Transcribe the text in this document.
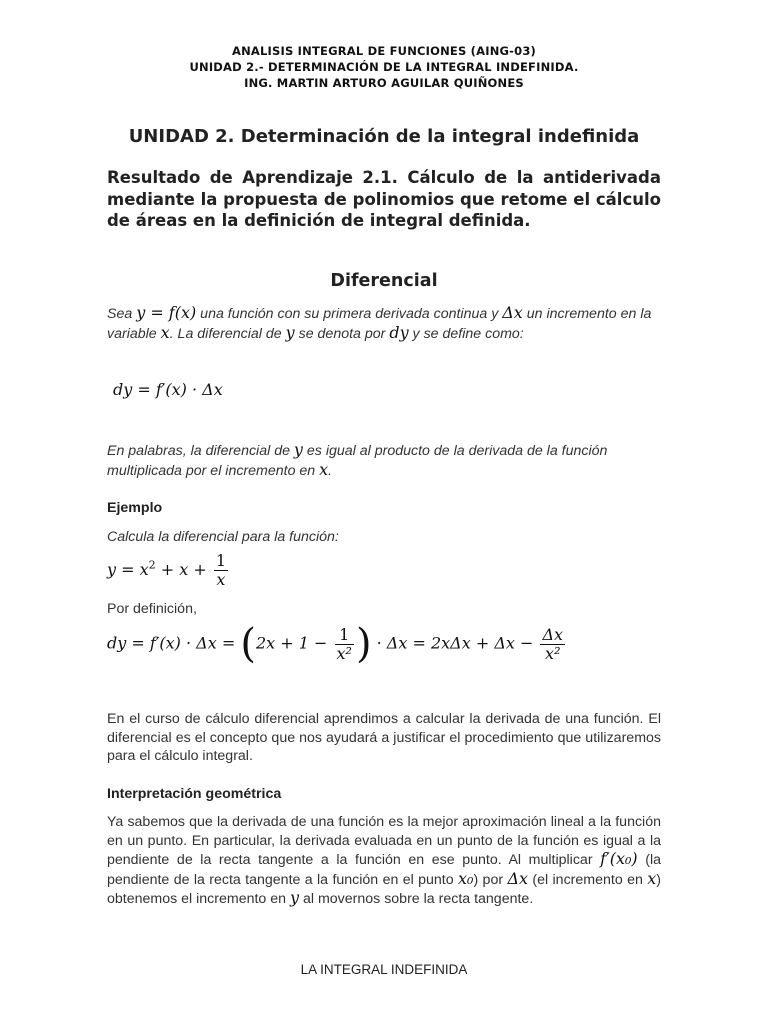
ANALISIS INTEGRAL DE FUNCIONES (AING-03)
UNIDAD 2.- DETERMINACIÓN DE LA INTEGRAL INDEFINIDA.
ING. MARTIN ARTURO AGUILAR QUIÑONES
UNIDAD 2. Determinación de la integral indefinida
Resultado de Aprendizaje 2.1. Cálculo de la antiderivada mediante la propuesta de polinomios que retome el cálculo de áreas en la definición de integral definida.
Diferencial
Sea y = f(x) una función con su primera derivada continua y Δx un incremento en la variable x. La diferencial de y se denota por dy y se define como:
dy = f′(x) · Δx
En palabras, la diferencial de y es igual al producto de la derivada de la función multiplicada por el incremento en x.
Ejemplo
Calcula la diferencial para la función:
$y = x^2 + x + \frac{1}{x}$
Por definición,
dy = $f'(x) \cdot \Delta x = (2x + 1 - \frac{1}{\text{x²}}$ ) · $\Delta x = 2x\Delta x + \Delta x - \frac{\Delta x}{\text{x²}}$
En el curso de cálculo diferencial aprendimos a calcular la derivada de una función. El diferencial es el concepto que nos ayudará a justificar el procedimiento que utilizaremos para el cálculo integral.
Interpretación geométrica
Ya sabemos que la derivada de una función es la mejor aproximación lineal a la función en un punto. En particular, la derivada evaluada en un punto de la función es igual a la pendiente de la recta tangente a la función en ese punto. Al multiplicar f′(x₀) (la pendiente de la recta tangente a la función en el punto x₀) por Δx (el incremento en x) obtenemos el incremento en y al movernos sobre la recta tangente.
LA INTEGRAL INDEFINIDA
